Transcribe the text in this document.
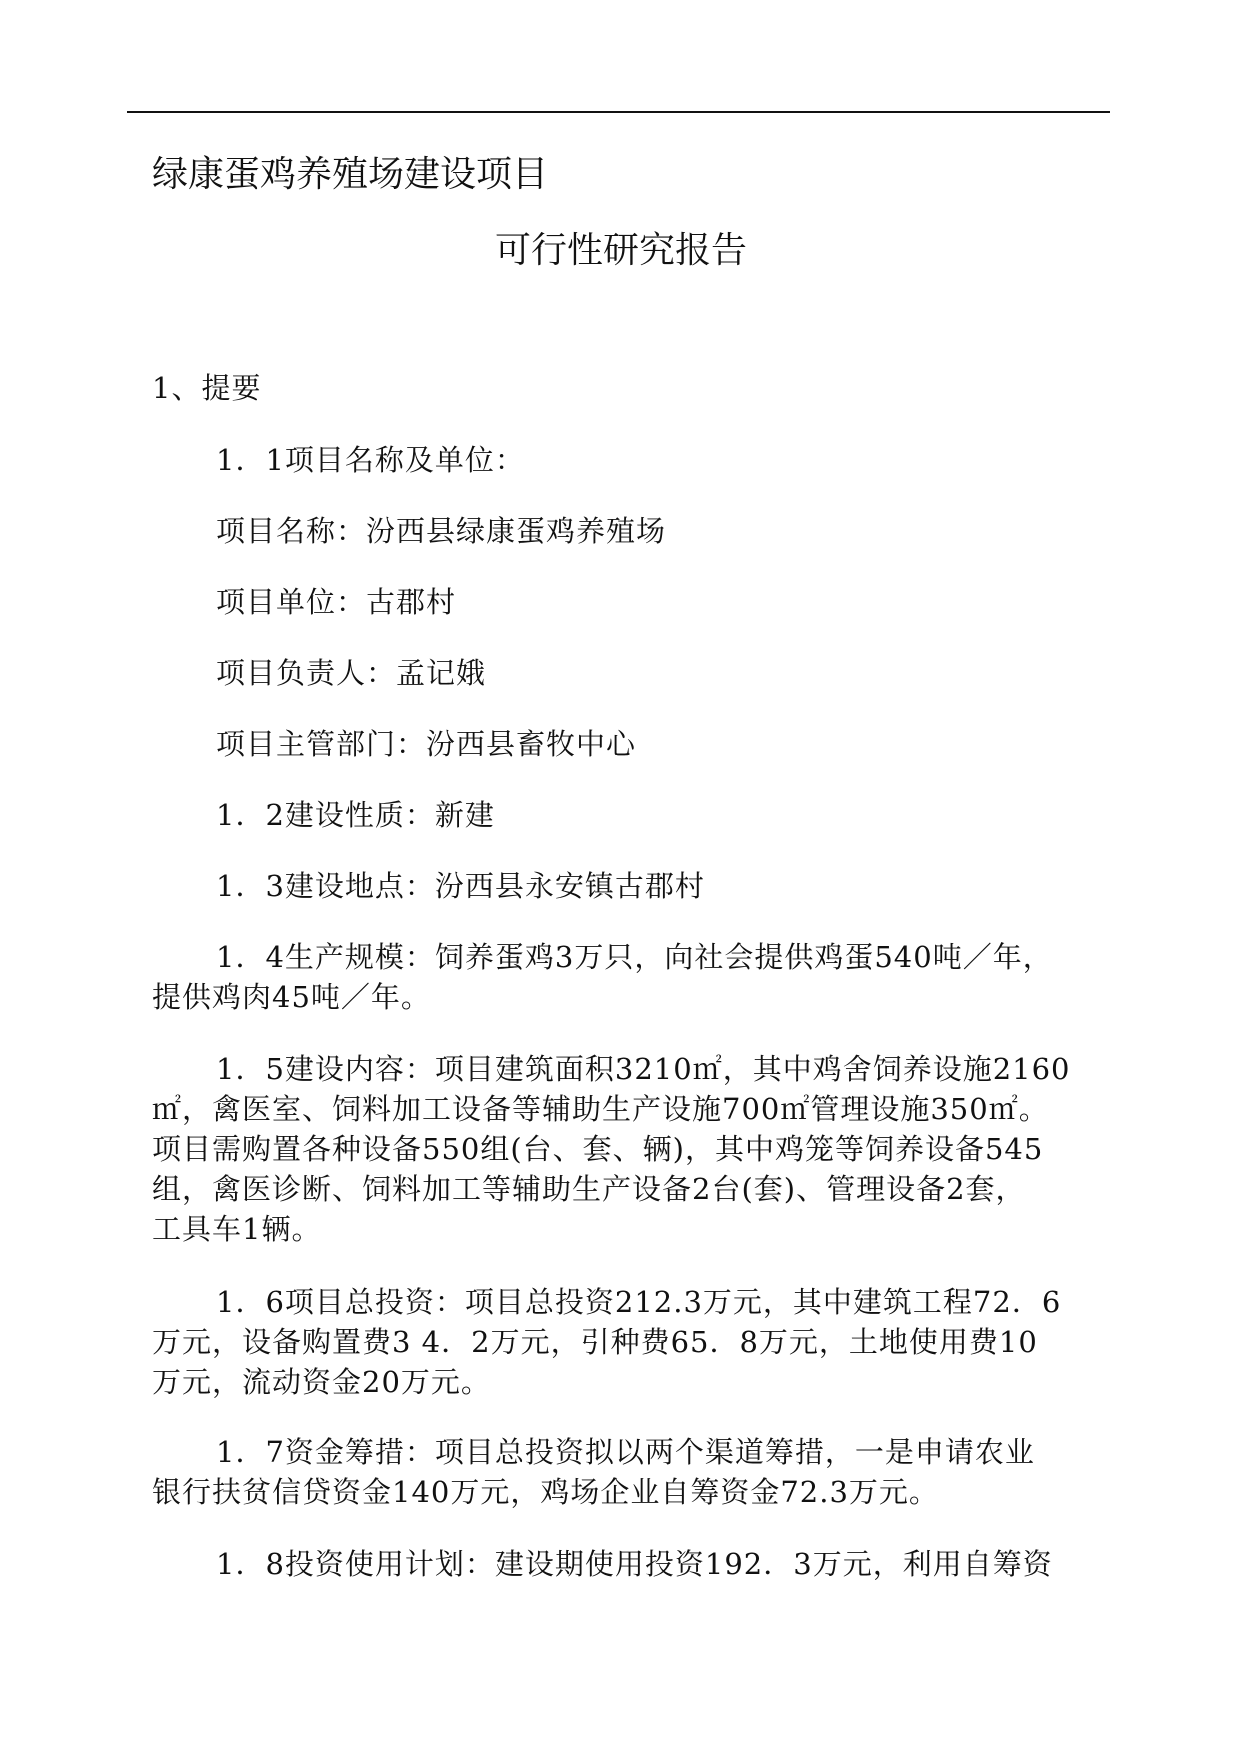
绿康蛋鸡养殖场建设项目
可行性研究报告
1、提要
1．1项目名称及单位：
项目名称：汾西县绿康蛋鸡养殖场
项目单位：古郡村
项目负责人：孟记娥
项目主管部门：汾西县畜牧中心
1．2建设性质：新建
1．3建设地点：汾西县永安镇古郡村
1．4生产规模：饲养蛋鸡3万只，向社会提供鸡蛋540吨／年，
提供鸡肉45吨／年。
1．5建设内容：项目建筑面积3210㎡，其中鸡舍饲养设施2160
㎡，禽医室、饲料加工设备等辅助生产设施700㎡管理设施350㎡。
项目需购置各种设备550组(台、套、辆)，其中鸡笼等饲养设备545
组，禽医诊断、饲料加工等辅助生产设备2台(套)、管理设备2套，
工具车1辆。
1．6项目总投资：项目总投资212.3万元，其中建筑工程72．6
万元，设备购置费3 4．2万元，引种费65．8万元，土地使用费10
万元，流动资金20万元。
1．7资金筹措：项目总投资拟以两个渠道筹措，一是申请农业
银行扶贫信贷资金140万元，鸡场企业自筹资金72.3万元。
1．8投资使用计划：建设期使用投资192．3万元，利用自筹资
